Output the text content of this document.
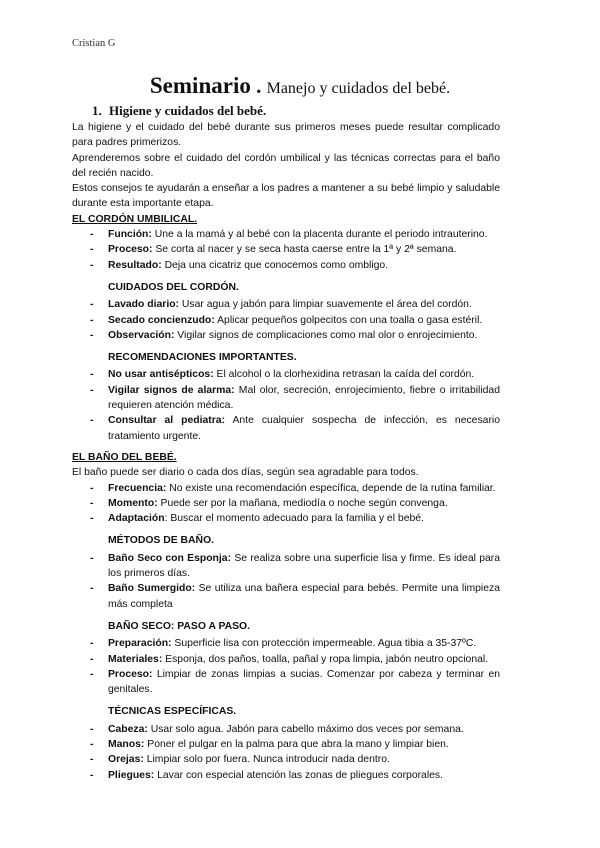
Cristian G
Seminario . Manejo y cuidados del bebé.
1. Higiene y cuidados del bebé.

La higiene y el cuidado del bebé durante sus primeros meses puede resultar complicado para padres primerizos.

Aprenderemos sobre el cuidado del cordón umbilical y las técnicas correctas para el baño del recién nacido.

Estos consejos te ayudarán a enseñar a los padres a mantener a su bebé limpio y saludable durante esta importante etapa.

EL CORDÓN UMBILICAL.
- Función: Une a la mamá y al bebé con la placenta durante el periodo intrauterino.
- Proceso: Se corta al nacer y se seca hasta caerse entre la 1ª y 2ª semana.
- Resultado: Deja una cicatriz que conocemos como ombligo.
CUIDADOS DEL CORDÓN.
- Lavado diario: Usar agua y jabón para limpiar suavemente el área del cordón.
- Secado concienzudo: Aplicar pequeños golpecitos con una toalla o gasa estéril.
- Observación: Vigilar signos de complicaciones como mal olor o enrojecimiento.
RECOMENDACIONES IMPORTANTES.
- No usar antisépticos: El alcohol o la clorhexidina retrasan la caída del cordón.
- Vigilar signos de alarma: Mal olor, secreción, enrojecimiento, fiebre o irritabilidad requieren atención médica.
- Consultar al pediatra: Ante cualquier sospecha de infección, es necesario tratamiento urgente.
EL BAÑO DEL BEBÉ.

El baño puede ser diario o cada dos días, según sea agradable para todos.

- Frecuencia: No existe una recomendación específica, depende de la rutina familiar.
- Momento: Puede ser por la mañana, mediodía o noche según convenga.
- Adaptación: Buscar el momento adecuado para la familia y el bebé.
MÉTODOS DE BAÑO.
- Baño Seco con Esponja: Se realiza sobre una superficie lisa y firme. Es ideal para los primeros días.
- Baño Sumergido: Se utiliza una bañera especial para bebés. Permite una limpieza más completa
BAÑO SECO: PASO A PASO.
- Preparación: Superficie lisa con protección impermeable. Agua tibia a 35-37ºC.
- Materiales: Esponja, dos paños, toalla, pañal y ropa limpia, jabón neutro opcional.
- Proceso: Limpiar de zonas limpias a sucias. Comenzar por cabeza y terminar en genitales.
TÉCNICAS ESPECÍFICAS.
- Cabeza: Usar solo agua. Jabón para cabello máximo dos veces por semana.
- Manos: Poner el pulgar en la palma para que abra la mano y limpiar bien.
- Orejas: Limpiar solo por fuera. Nunca introducir nada dentro.
- Pliegues: Lavar con especial atención las zonas de pliegues corporales.
